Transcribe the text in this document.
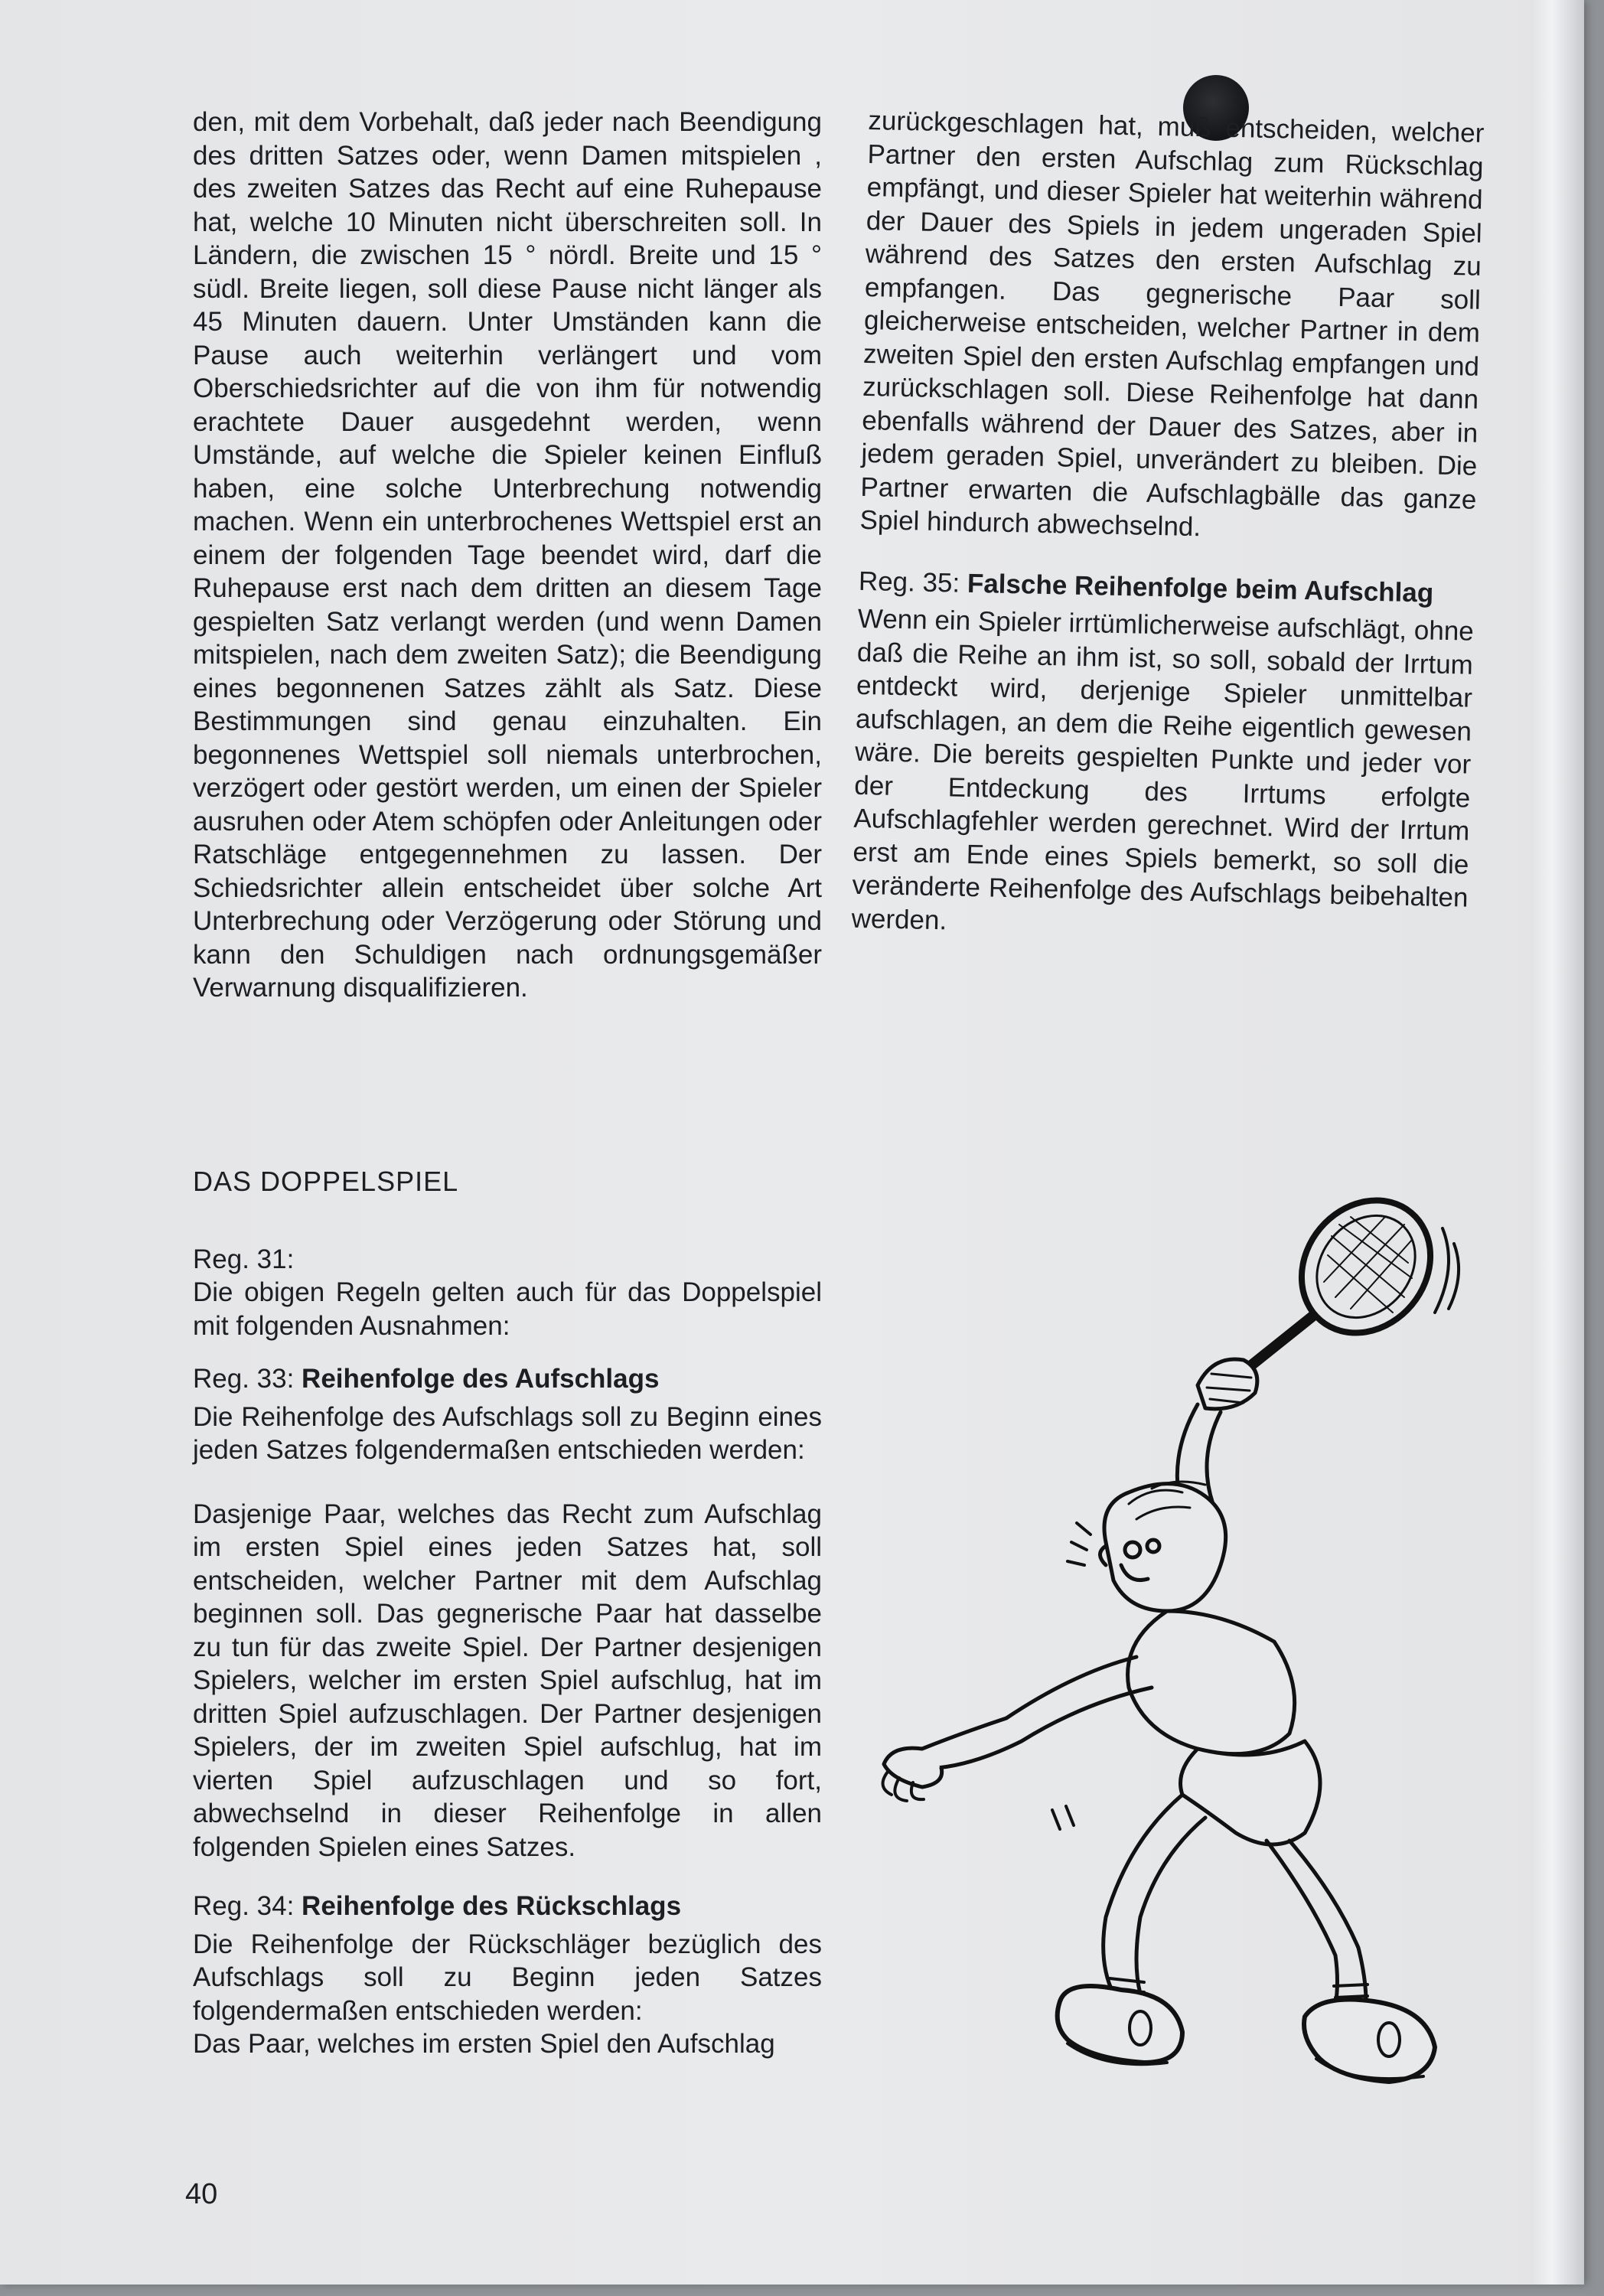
den, mit dem Vorbehalt, daß jeder nach Beendigung des dritten Satzes oder, wenn Damen mitspielen , des zweiten Satzes das Recht auf eine Ruhepause hat, welche 10 Minuten nicht überschreiten soll. In Ländern, die zwischen 15 ° nördl. Breite und 15 ° südl. Breite liegen, soll diese Pause nicht länger als 45 Minuten dauern. Unter Umständen kann die Pause auch weiterhin verlängert und vom Oberschiedsrichter auf die von ihm für notwendig erachtete Dauer ausgedehnt werden, wenn Umstände, auf welche die Spieler keinen Einfluß haben, eine solche Unterbrechung notwendig machen. Wenn ein unterbrochenes Wettspiel erst an einem der folgenden Tage beendet wird, darf die Ruhepause erst nach dem dritten an diesem Tage gespielten Satz verlangt werden (und wenn Damen mitspielen, nach dem zweiten Satz); die Beendigung eines begonnenen Satzes zählt als Satz. Diese Bestimmungen sind genau einzuhalten. Ein begonnenes Wettspiel soll niemals unterbrochen, verzögert oder gestört werden, um einen der Spieler ausruhen oder Atem schöpfen oder Anleitungen oder Ratschläge entgegennehmen zu lassen. Der Schiedsrichter allein entscheidet über solche Art Unterbrechung oder Verzögerung oder Störung und kann den Schuldigen nach ordnungsgemäßer Verwarnung disqualifizieren.

DAS DOPPELSPIEL

Reg. 31:

Die obigen Regeln gelten auch für das Doppelspiel mit folgenden Ausnahmen:

Reg. 33: Reihenfolge des Aufschlags

Die Reihenfolge des Aufschlags soll zu Beginn eines jeden Satzes folgendermaßen entschieden werden:

Dasjenige Paar, welches das Recht zum Aufschlag im ersten Spiel eines jeden Satzes hat, soll entscheiden, welcher Partner mit dem Aufschlag beginnen soll. Das gegnerische Paar hat dasselbe zu tun für das zweite Spiel. Der Partner desjenigen Spielers, welcher im ersten Spiel aufschlug, hat im dritten Spiel aufzuschlagen. Der Partner desjenigen Spielers, der im zweiten Spiel aufschlug, hat im vierten Spiel aufzuschlagen und so fort, abwechselnd in dieser Reihenfolge in allen folgenden Spielen eines Satzes.

Reg. 34: Reihenfolge des Rückschlags

Die Reihenfolge der Rückschläger bezüglich des Aufschlags soll zu Beginn jeden Satzes folgendermaßen entschieden werden:

Das Paar, welches im ersten Spiel den Aufschlag

zurückgeschlagen hat, muß entscheiden, welcher Partner den ersten Aufschlag zum Rückschlag empfängt, und dieser Spieler hat weiterhin während der Dauer des Spiels in jedem ungeraden Spiel während des Satzes den ersten Aufschlag zu empfangen. Das gegnerische Paar soll gleicherweise entscheiden, welcher Partner in dem zweiten Spiel den ersten Aufschlag empfangen und zurückschlagen soll. Diese Reihenfolge hat dann ebenfalls während der Dauer des Satzes, aber in jedem geraden Spiel, unverändert zu bleiben. Die Partner erwarten die Aufschlagbälle das ganze Spiel hindurch abwechselnd.

Reg. 35: Falsche Reihenfolge beim Aufschlag

Wenn ein Spieler irrtümlicherweise aufschlägt, ohne daß die Reihe an ihm ist, so soll, sobald der Irrtum entdeckt wird, derjenige Spieler unmittelbar aufschlagen, an dem die Reihe eigentlich gewesen wäre. Die bereits gespielten Punkte und jeder vor der Entdeckung des Irrtums erfolgte Aufschlagfehler werden gerechnet. Wird der Irrtum erst am Ende eines Spiels bemerkt, so soll die veränderte Reihenfolge des Aufschlags beibehalten werden.

40
